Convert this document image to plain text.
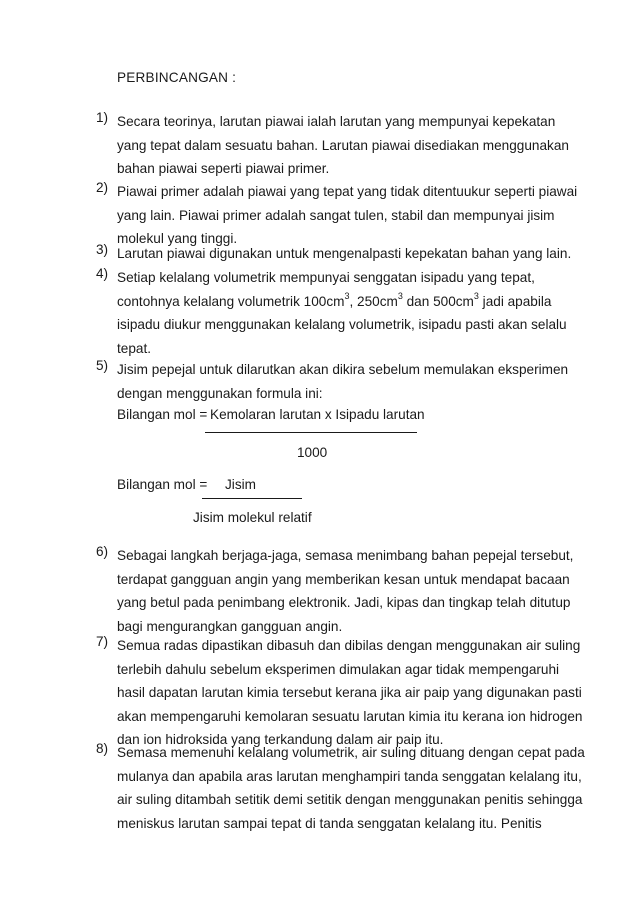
PERBINCANGAN :
1) Secara teorinya, larutan piawai ialah larutan yang mempunyai kepekatan
yang tepat dalam sesuatu bahan. Larutan piawai disediakan menggunakan
bahan piawai seperti piawai primer.
2) Piawai primer adalah piawai yang tepat yang tidak ditentuukur seperti piawai
yang lain. Piawai primer adalah sangat tulen, stabil dan mempunyai jisim
molekul yang tinggi.
3) Larutan piawai digunakan untuk mengenalpasti kepekatan bahan yang lain.
4) Setiap kelalang volumetrik mempunyai senggatan isipadu yang tepat,
contohnya kelalang volumetrik $100cm^3$, $250cm^3$ dan $500cm^3$ jadi apabila
isipadu diukur menggunakan kelalang volumetrik, isipadu pasti akan selalu
tepat.
5) Jisim pepejal untuk dilarutkan akan dikira sebelum memulakan eksperimen
dengan menggunakan formula ini:
Bilangan mol = Kemolaran larutan x Isipadu larutan
1000
Bilangan mol = Jisim
Jisim molekul relatif
6) Sebagai langkah berjaga-jaga, semasa menimbang bahan pepejal tersebut,
terdapat gangguan angin yang memberikan kesan untuk mendapat bacaan
yang betul pada penimbang elektronik. Jadi, kipas dan tingkap telah ditutup
bagi mengurangkan gangguan angin.
7) Semua radas dipastikan dibasuh dan dibilas dengan menggunakan air suling
terlebih dahulu sebelum eksperimen dimulakan agar tidak mempengaruhi
hasil dapatan larutan kimia tersebut kerana jika air paip yang digunakan pasti
akan mempengaruhi kemolaran sesuatu larutan kimia itu kerana ion hidrogen
dan ion hidroksida yang terkandung dalam air paip itu.
8) Semasa memenuhi kelalang volumetrik, air suling dituang dengan cepat pada
mulanya dan apabila aras larutan menghampiri tanda senggatan kelalang itu,
air suling ditambah setitik demi setitik dengan menggunakan penitis sehingga
meniskus larutan sampai tepat di tanda senggatan kelalang itu. Penitis
